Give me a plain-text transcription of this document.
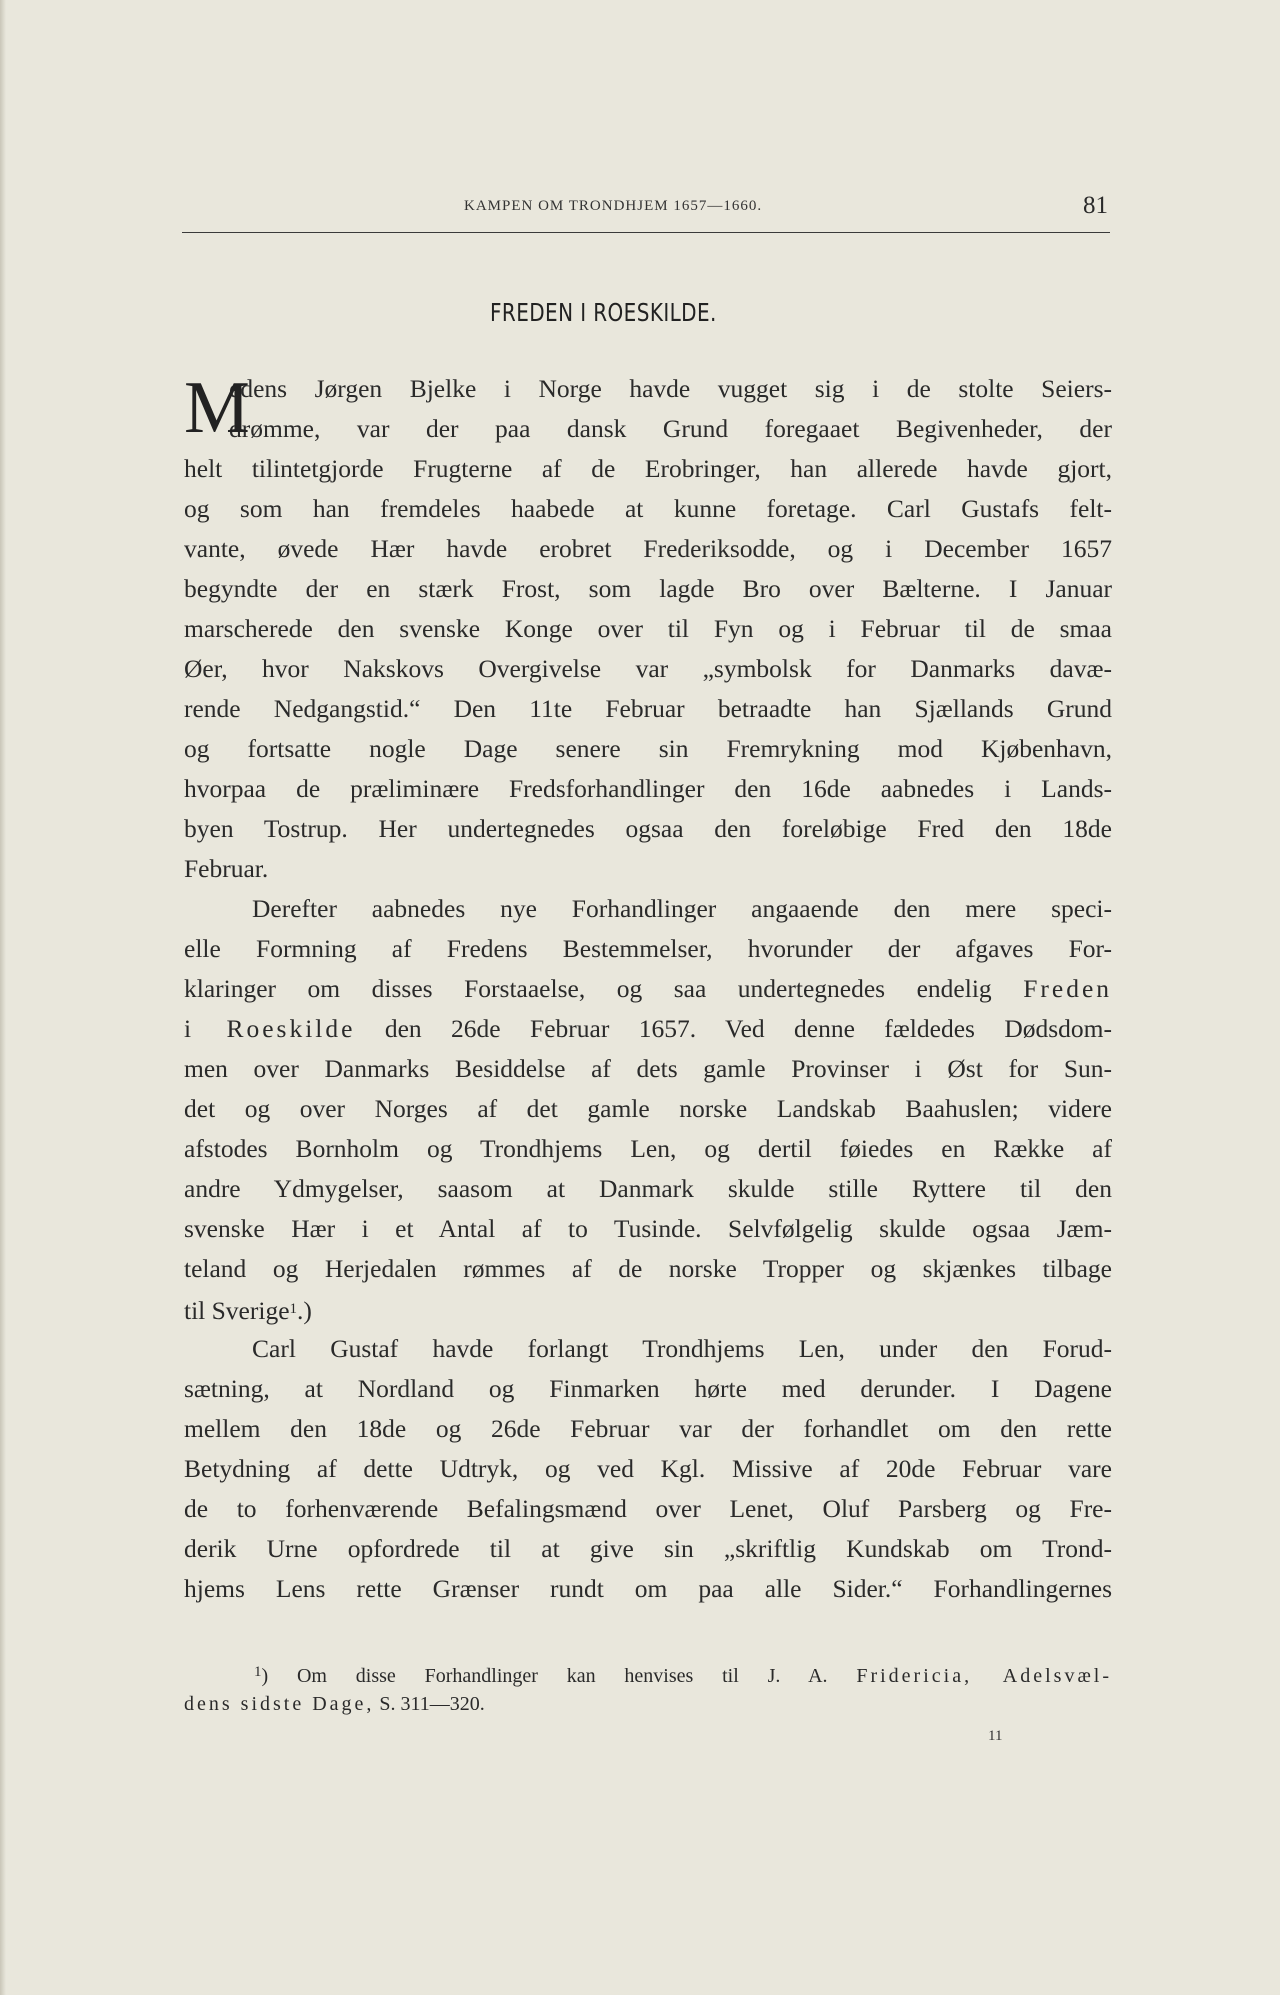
KAMPEN OM TRONDHJEM 1657—1660.	81
FREDEN I ROESKILDE.
M
edens Jørgen Bjelke i Norge havde vugget sig i de stolte Seiers-
drømme, var der paa dansk Grund foregaaet Begivenheder, der
helt tilintetgjorde Frugterne af de Erobringer, han allerede havde gjort,
og som han fremdeles haabede at kunne foretage. Carl Gustafs felt-
vante, øvede Hær havde erobret Frederiksodde, og i December 1657
begyndte der en stærk Frost, som lagde Bro over Bælterne. I Januar
marscherede den svenske Konge over til Fyn og i Februar til de smaa
Øer, hvor Nakskovs Overgivelse var „symbolsk for Danmarks davæ-
rende Nedgangstid.“ Den 11te Februar betraadte han Sjællands Grund
og fortsatte nogle Dage senere sin Fremrykning mod Kjøbenhavn,
hvorpaa de præliminære Fredsforhandlinger den 16de aabnedes i Lands-
byen Tostrup. Her undertegnedes ogsaa den foreløbige Fred den 18de
Februar.
Derefter aabnedes nye Forhandlinger angaaende den mere speci-
elle Formning af Fredens Bestemmelser, hvorunder der afgaves For-
klaringer om disses Forstaaelse, og saa undertegnedes endelig Freden
i Roeskilde den 26de Februar 1657. Ved denne fældedes Dødsdom-
men over Danmarks Besiddelse af dets gamle Provinser i Øst for Sun-
det og over Norges af det gamle norske Landskab Baahuslen; videre
afstodes Bornholm og Trondhjems Len, og dertil føiedes en Række af
andre Ydmygelser, saasom at Danmark skulde stille Ryttere til den
svenske Hær i et Antal af to Tusinde. Selvfølgelig skulde ogsaa Jæm-
teland og Herjedalen rømmes af de norske Tropper og skjænkes tilbage
til Sverige$^1$.)
Carl Gustaf havde forlangt Trondhjems Len, under den Forud-
sætning, at Nordland og Finmarken hørte med derunder. I Dagene
mellem den 18de og 26de Februar var der forhandlet om den rette
Betydning af dette Udtryk, og ved Kgl. Missive af 20de Februar vare
de to forhenværende Befalingsmænd over Lenet, Oluf Parsberg og Fre-
derik Urne opfordrede til at give sin „skriftlig Kundskab om Trond-
hjems Lens rette Grænser rundt om paa alle Sider.“ Forhandlingernes
$^1$) Om disse Forhandlinger kan henvises til J. A. Fridericia, Adelsvæl-
dens sidste Dage, S. 311—320.
11
